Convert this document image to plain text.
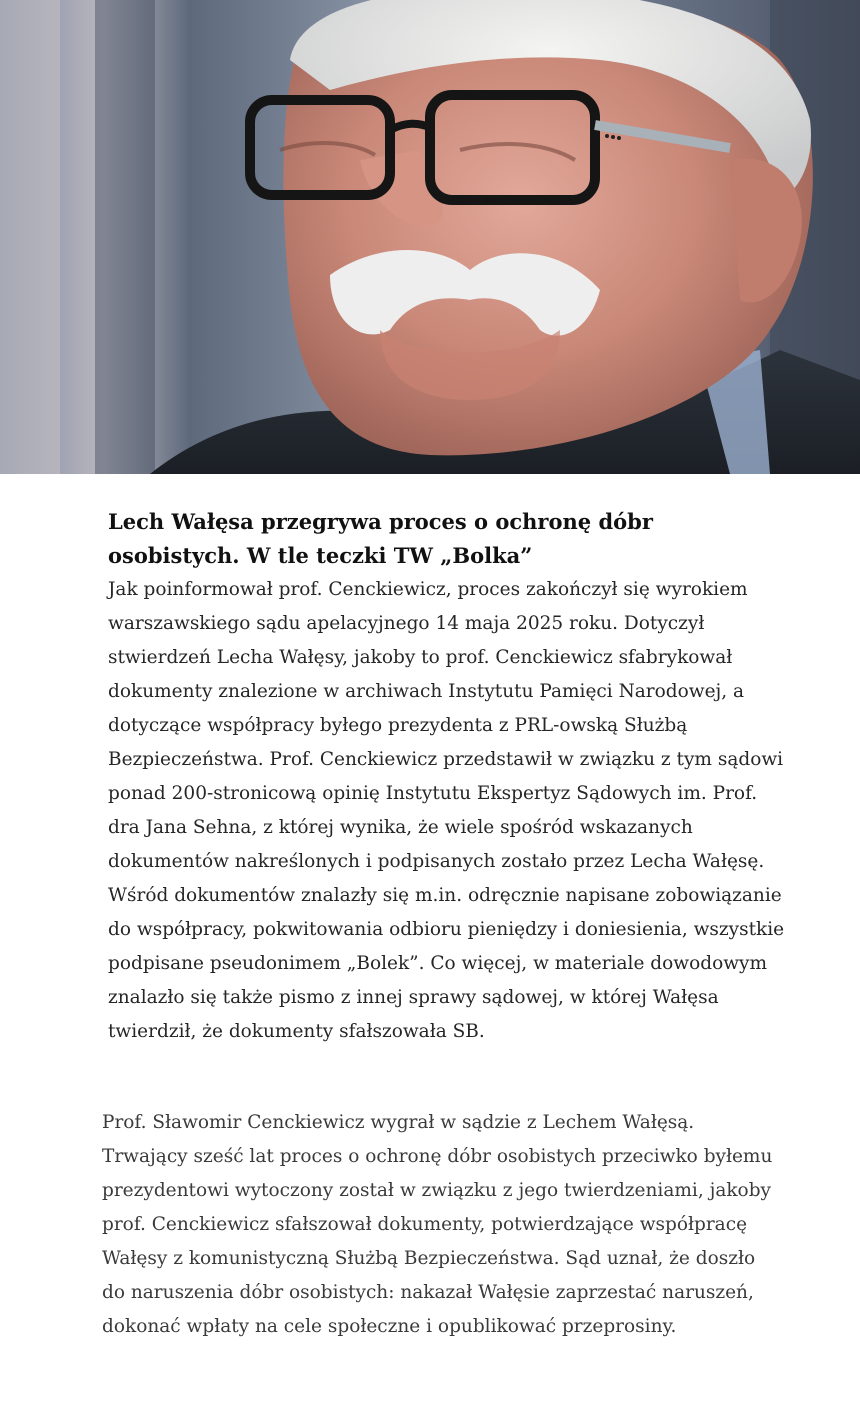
Lech Wałęsa przegrywa proces o ochronę dóbr osobistych. W tle teczki TW „Bolka”

Jak poinformował prof. Cenckiewicz, proces zakończył się wyrokiem warszawskiego sądu apelacyjnego 14 maja 2025 roku. Dotyczył stwierdzeń Lecha Wałęsy, jakoby to prof. Cenckiewicz sfabrykował dokumenty znalezione w archiwach Instytutu Pamięci Narodowej, a dotyczące współpracy byłego prezydenta z PRL-owską Służbą Bezpieczeństwa. Prof. Cenckiewicz przedstawił w związku z tym sądowi ponad 200-stronicową opinię Instytutu Ekspertyz Sądowych im. Prof. dra Jana Sehna, z której wynika, że wiele spośród wskazanych dokumentów nakreślonych i podpisanych zostało przez Lecha Wałęsę. Wśród dokumentów znalazły się m.in. odręcznie napisane zobowiązanie do współpracy, pokwitowania odbioru pieniędzy i doniesienia, wszystkie podpisane pseudonimem „Bolek”. Co więcej, w materiale dowodowym znalazło się także pismo z innej sprawy sądowej, w której Wałęsa twierdził, że dokumenty sfałszowała SB.

Prof. Sławomir Cenckiewicz wygrał w sądzie z Lechem Wałęsą. Trwający sześć lat proces o ochronę dóbr osobistych przeciwko byłemu prezydentowi wytoczony został w związku z jego twierdzeniami, jakoby prof. Cenckiewicz sfałszował dokumenty, potwierdzające współpracę Wałęsy z komunistyczną Służbą Bezpieczeństwa. Sąd uznał, że doszło do naruszenia dóbr osobistych: nakazał Wałęsie zaprzestać naruszeń, dokonać wpłaty na cele społeczne i opublikować przeprosiny.
